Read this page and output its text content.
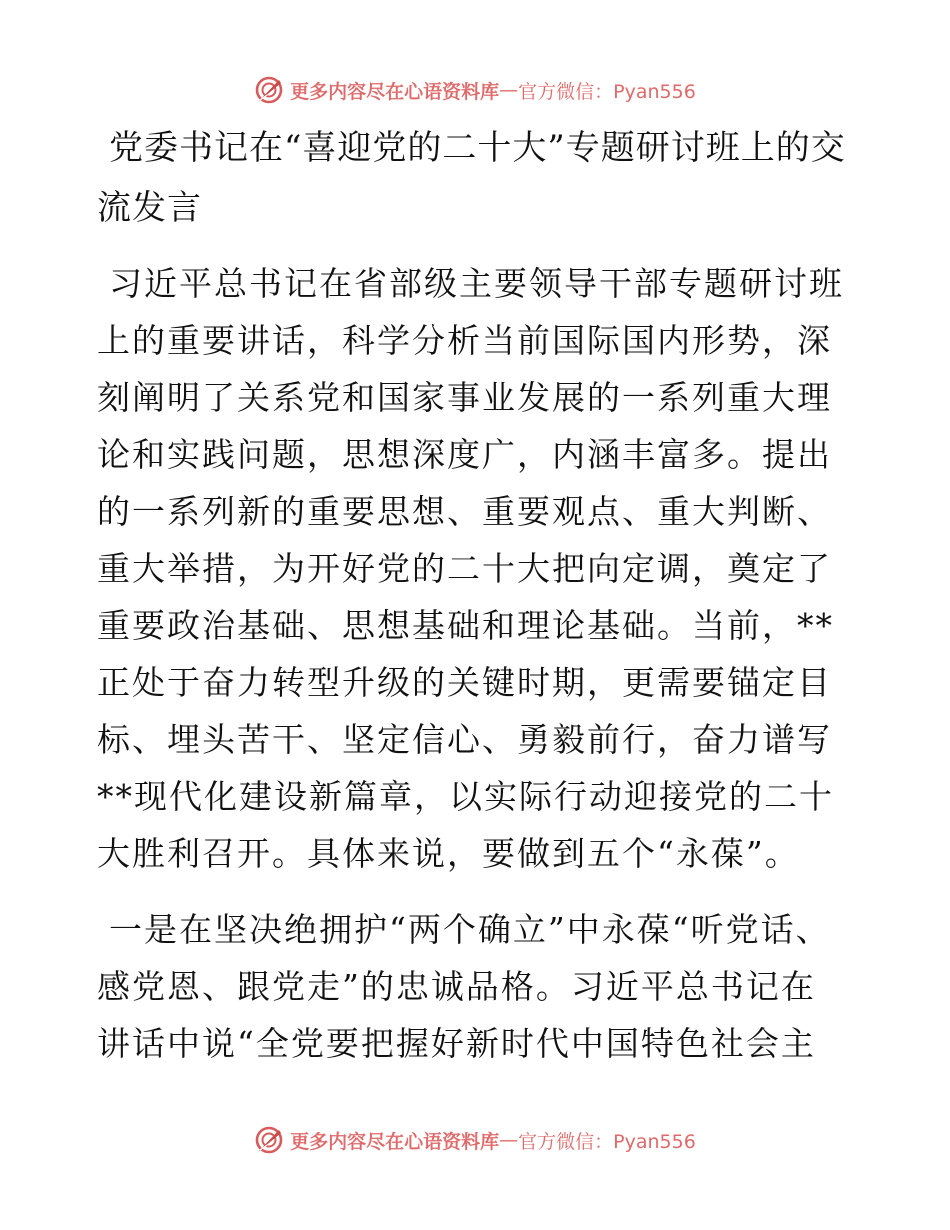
更多内容尽在心语资料库 — 官方微信：Pyan556
党委书记在“喜迎党的二十大”专题研讨班上的交流发言

习近平总书记在省部级主要领导干部专题研讨班上的重要讲话，科学分析当前国际国内形势，深刻阐明了关系党和国家事业发展的一系列重大理论和实践问题，思想深度广，内涵丰富多。提出的一系列新的重要思想、重要观点、重大判断、重大举措，为开好党的二十大把向定调，奠定了重要政治基础、思想基础和理论基础。当前，**正处于奋力转型升级的关键时期，更需要锚定目标、埋头苦干、坚定信心、勇毅前行，奋力谱写**现代化建设新篇章，以实际行动迎接党的二十大胜利召开。具体来说，要做到五个“永葆”。

一是在坚决绝拥护“两个确立”中永葆“听党话、感党恩、跟党走”的忠诚品格。习近平总书记在讲话中说“全党要把握好新时代中国特色社会主

更多内容尽在心语资料库 — 官方微信：Pyan556
